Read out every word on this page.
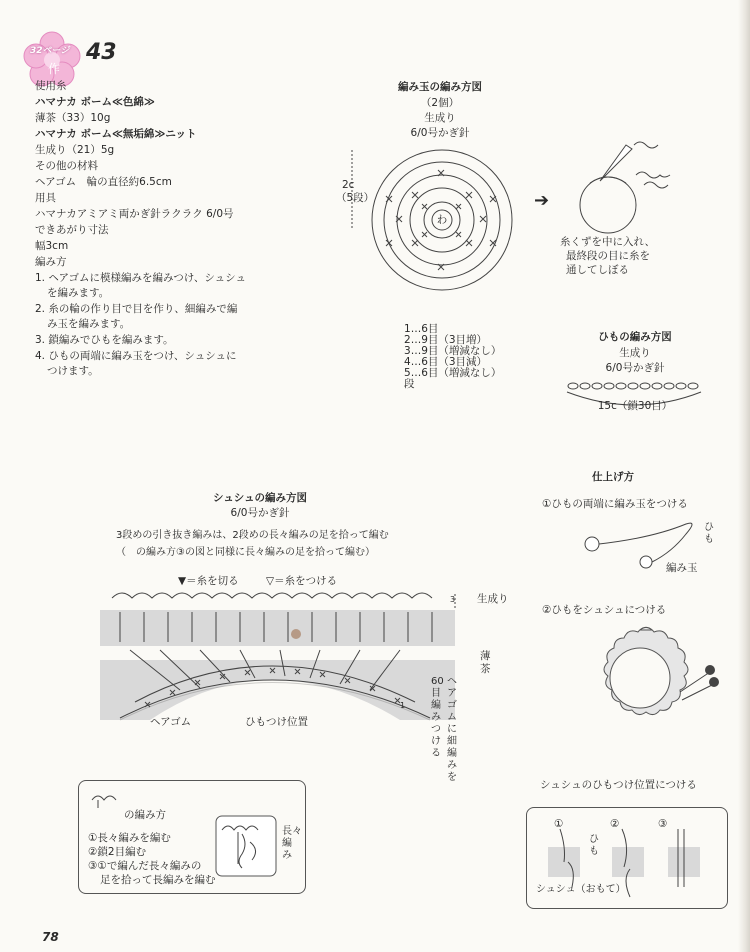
32ページ
作
43
使用糸
ハマナカ ボーム≪色綿≫
薄茶（33）10g
ハマナカ ボーム≪無垢綿≫ニット
生成り（21）5g
その他の材料
ヘアゴム　輪の直径約6.5cm
用具
ハマナカアミアミ両かぎ針ラクラク 6/0号
できあがり寸法
幅3cm
編み方
1. ヘアゴムに模様編みを編みつけ、シュシュ
を編みます。
2. 糸の輪の作り目で目を作り、細編みで編
み玉を編みます。
3. 鎖編みでひもを編みます。
4. ひもの両端に編み玉をつけ、シュシュに
つけます。
編み玉の編み方図
（2個）
生成り
6/0号かぎ針
わ
2c
（5段）
1…6目
2…9目（3目増）
3…9目（増減なし）
4…6目（3目減）
5…6目（増減なし）
段
➔
糸くずを中に入れ、
最終段の目に糸を
通してしぼる
ひもの編み方図
生成り
6/0号かぎ針
15c（鎖30目）
シュシュの編み方図
6/0号かぎ針
3段めの引き抜き編みは、2段めの長々編みの足を拾って編む
（　の編み方③の図と同様に長々編みの足を拾って編む）
▼＝糸を切る	▽＝糸をつける
3 生成り
薄茶
1
ヘアゴムに細編みを
60目編みつける
ヘアゴム	ひもつけ位置
の編み方
①長々編みを編む
②鎖2目編む
③①で編んだ長々編みの
足を拾って長編みを編む
長々編み
仕上げ方
①ひもの両端に編み玉をつける
ひも
編み玉
②ひもをシュシュにつける
シュシュのひもつけ位置につける
①	②	③
ひも
シュシュ（おもて）
78
